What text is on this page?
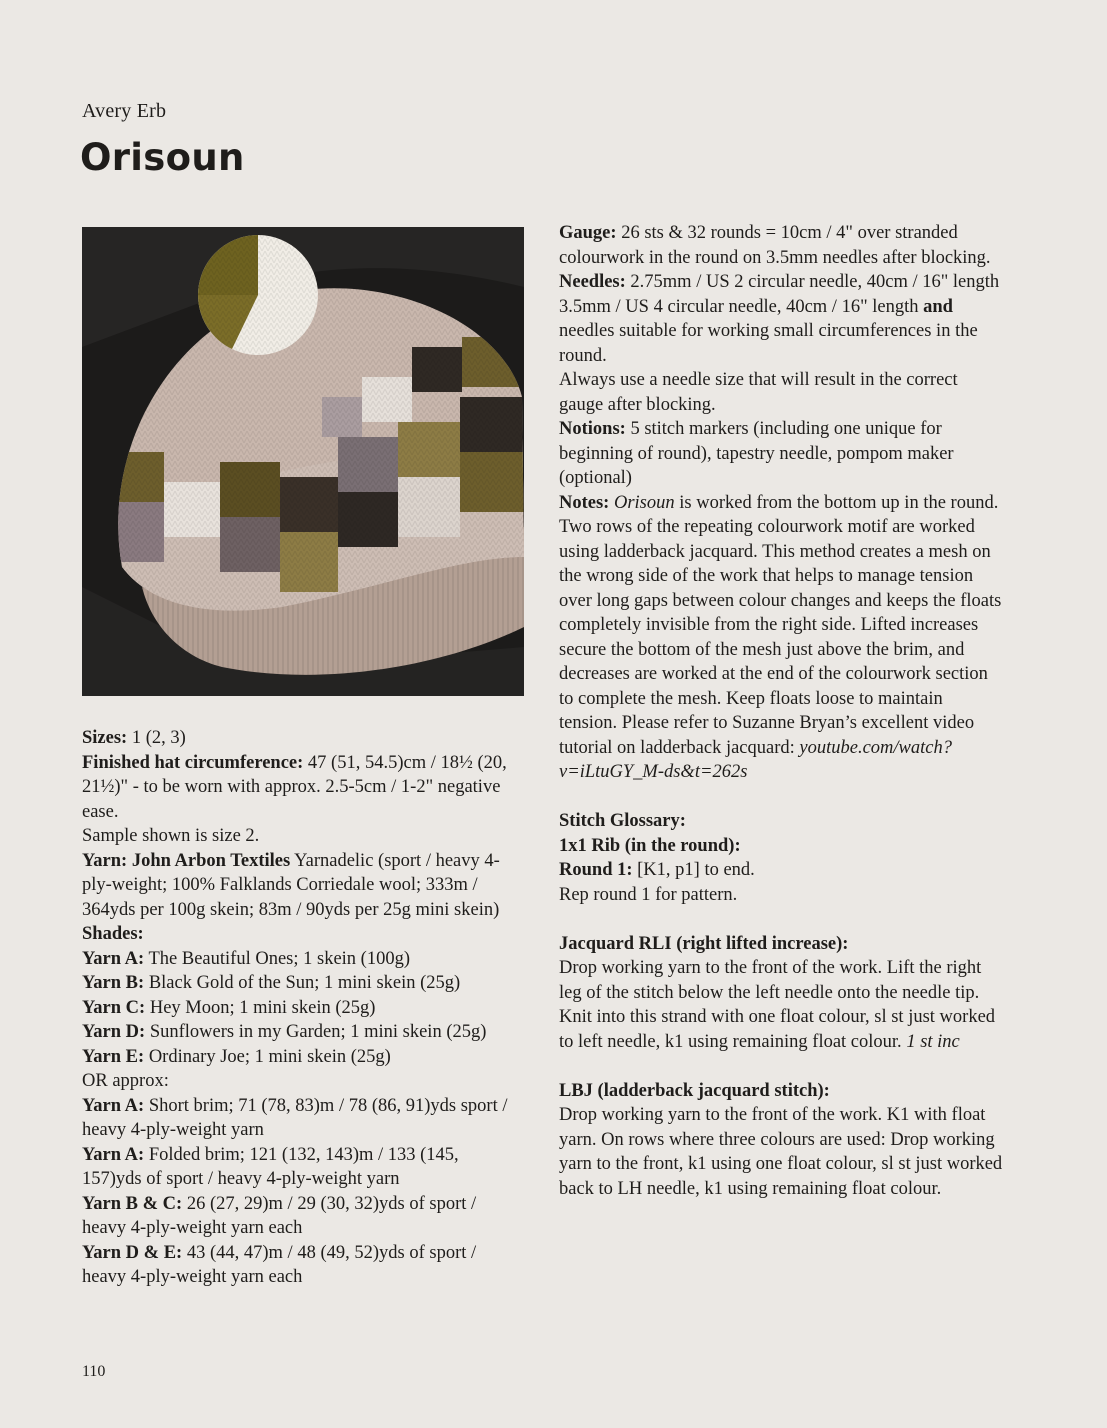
Avery Erb
Orisoun

Sizes: 1 (2, 3)

Finished hat circumference: 47 (51, 54.5)cm / 18½ (20, 21½)" - to be worn with approx. 2.5-5cm / 1-2" negative ease.

Sample shown is size 2.

Yarn: John Arbon Textiles Yarnadelic (sport / heavy 4-ply-weight; 100% Falklands Corriedale wool; 333m / 364yds per 100g skein; 83m / 90yds per 25g mini skein)

Shades:

Yarn A: The Beautiful Ones; 1 skein (100g)

Yarn B: Black Gold of the Sun; 1 mini skein (25g)

Yarn C: Hey Moon; 1 mini skein (25g)

Yarn D: Sunflowers in my Garden; 1 mini skein (25g)

Yarn E: Ordinary Joe; 1 mini skein (25g)

OR approx:

Yarn A: Short brim; 71 (78, 83)m / 78 (86, 91)yds sport / heavy 4-ply-weight yarn

Yarn A: Folded brim; 121 (132, 143)m / 133 (145, 157)yds of sport / heavy 4-ply-weight yarn

Yarn B & C: 26 (27, 29)m / 29 (30, 32)yds of sport / heavy 4-ply-weight yarn each

Yarn D & E: 43 (44, 47)m / 48 (49, 52)yds of sport / heavy 4-ply-weight yarn each

Gauge: 26 sts & 32 rounds = 10cm / 4" over stranded colourwork in the round on 3.5mm needles after blocking.

Needles: 2.75mm / US 2 circular needle, 40cm / 16" length

3.5mm / US 4 circular needle, 40cm / 16" length and needles suitable for working small circumferences in the round.

Always use a needle size that will result in the correct gauge after blocking.

Notions: 5 stitch markers (including one unique for beginning of round), tapestry needle, pompom maker (optional)

Notes: Orisoun is worked from the bottom up in the round. Two rows of the repeating colourwork motif are worked using ladderback jacquard. This method creates a mesh on the wrong side of the work that helps to manage tension over long gaps between colour changes and keeps the floats completely invisible from the right side. Lifted increases secure the bottom of the mesh just above the brim, and decreases are worked at the end of the colourwork section to complete the mesh. Keep floats loose to maintain tension. Please refer to Suzanne Bryan’s excellent video tutorial on ladderback jacquard: youtube.com/watch?v=iLtuGY_M-ds&t=262s

Stitch Glossary:

1x1 Rib (in the round):

Round 1: [K1, p1] to end.

Rep round 1 for pattern.

Jacquard RLI (right lifted increase):

Drop working yarn to the front of the work. Lift the right leg of the stitch below the left needle onto the needle tip. Knit into this strand with one float colour, sl st just worked to left needle, k1 using remaining float colour. 1 st inc

LBJ (ladderback jacquard stitch):

Drop working yarn to the front of the work. K1 with float yarn. On rows where three colours are used: Drop working yarn to the front, k1 using one float colour, sl st just worked back to LH needle, k1 using remaining float colour.

110
